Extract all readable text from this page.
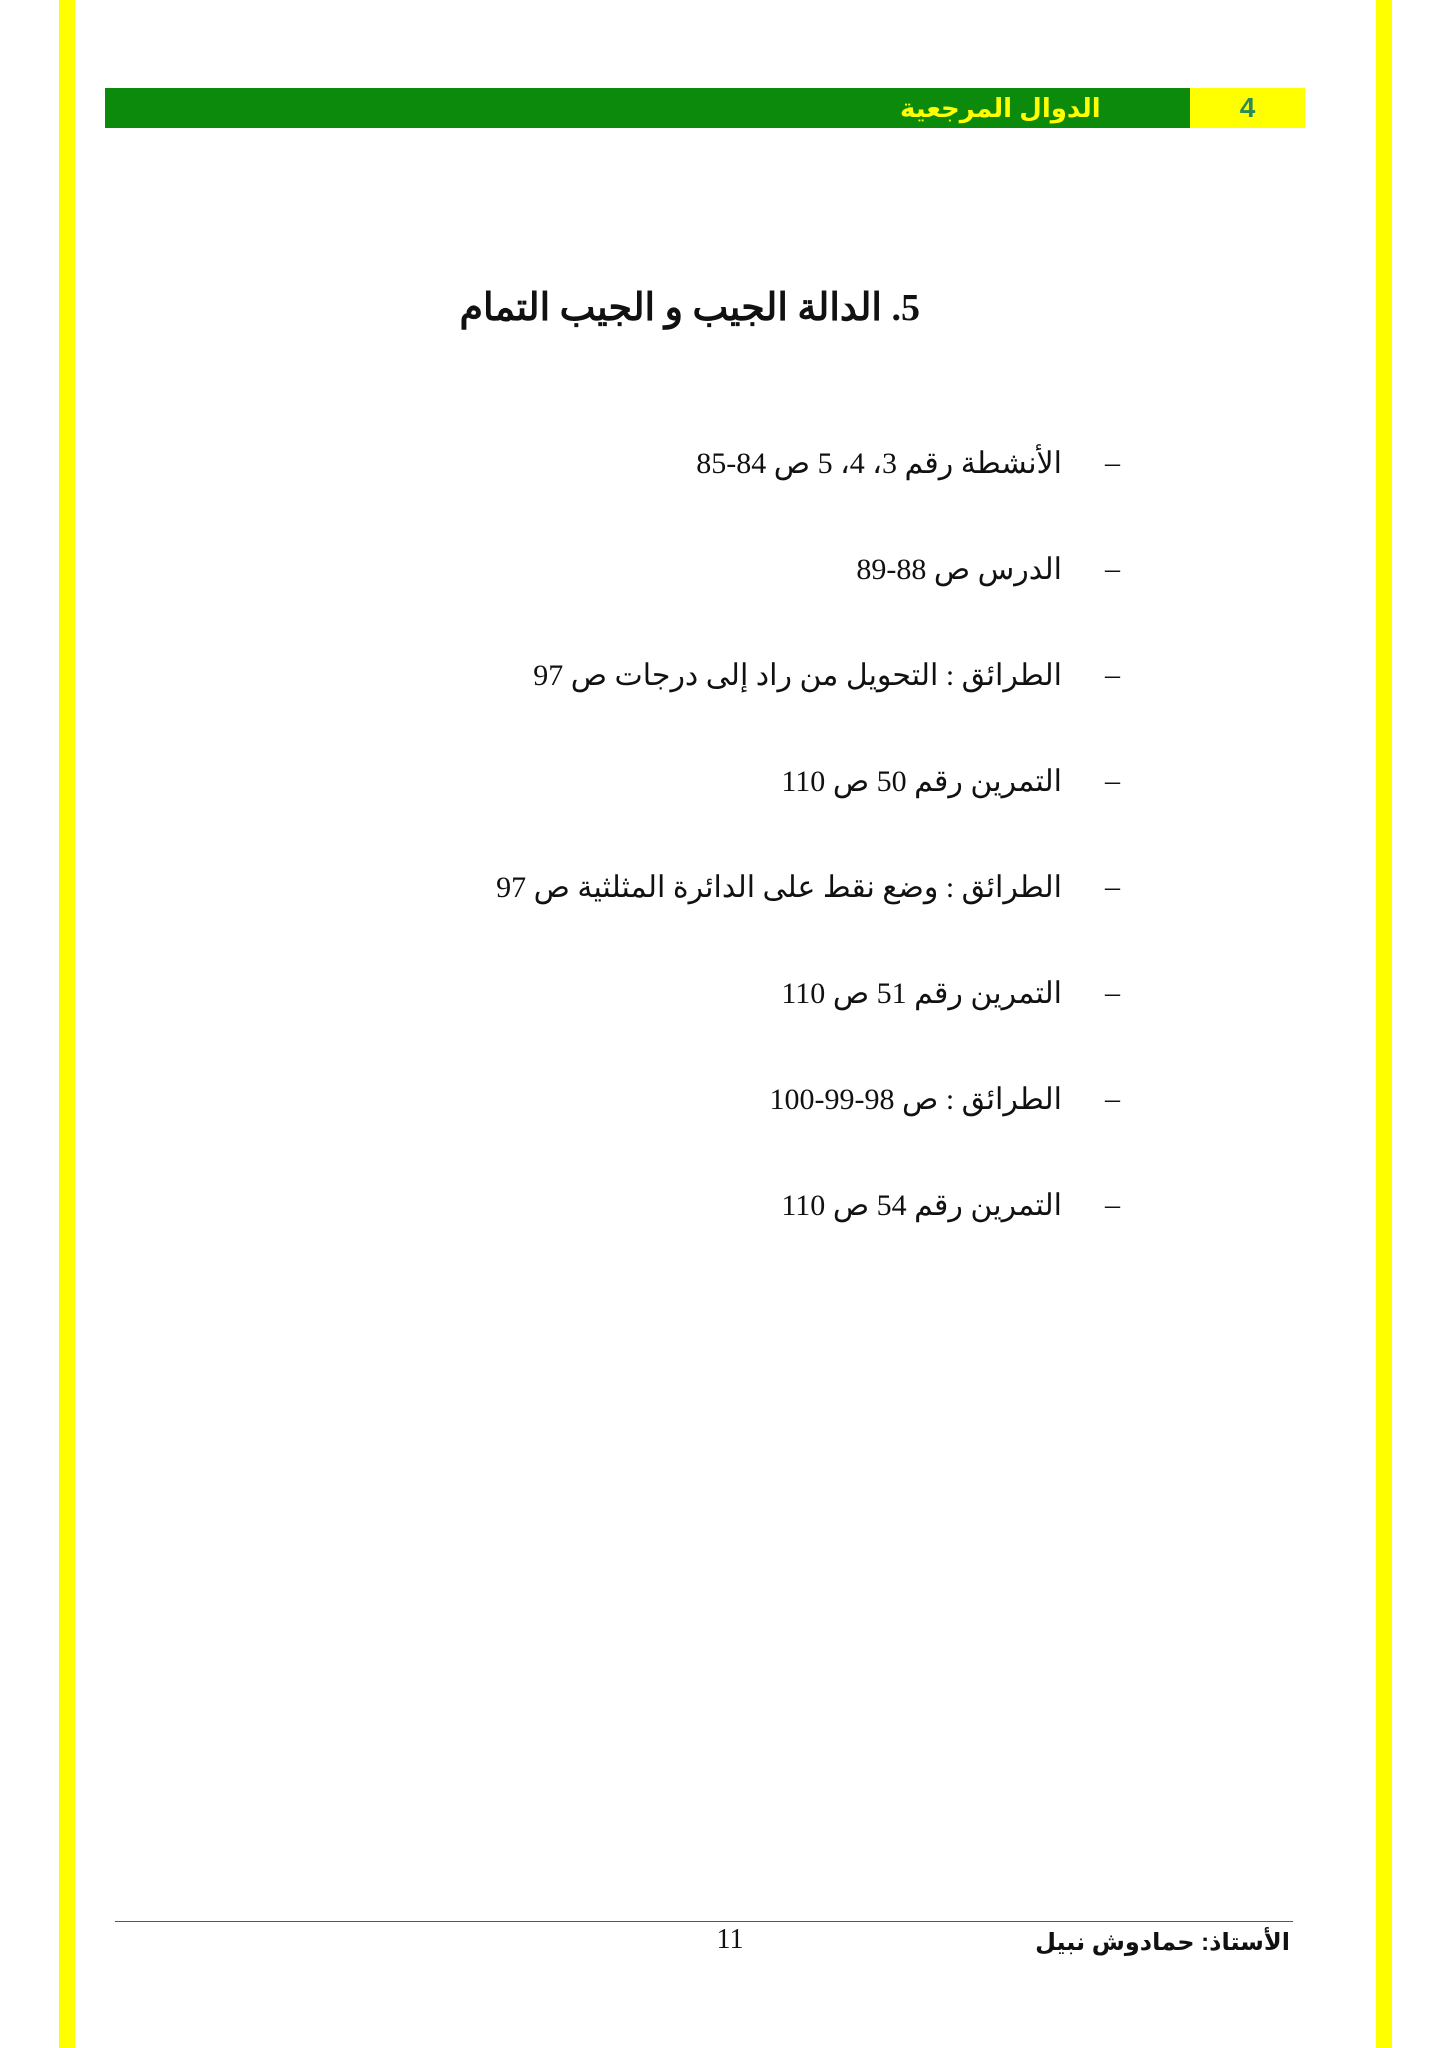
الدوال المرجعية	4
5. الدالة الجيب و الجيب التمام
–
الأنشطة رقم 3، 4، 5 ص 84-85
–
الدرس ص 88-89
–
الطرائق : التحويل من راد إلى درجات ص 97
–
التمرين رقم 50 ص 110
–
الطرائق : وضع نقط على الدائرة المثلثية ص 97
–
التمرين رقم 51 ص 110
–
الطرائق : ص 98-99-100
–
التمرين رقم 54 ص 110
11	الأستاذ: حمادوش نبيل
